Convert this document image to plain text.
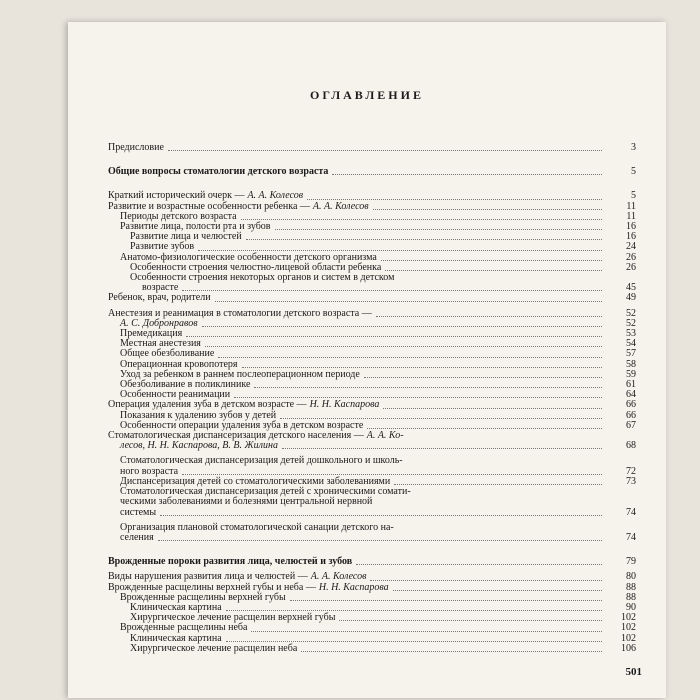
ОГЛАВЛЕНИЕ
Предисловие	3
Общие вопросы стоматологии детского возраста	5
Краткий исторический очерк — А. А. Колесов	5
Развитие и возрастные особенности ребенка — А. А. Колесов	11
Периоды детского возраста	11
Развитие лица, полости рта и зубов	16
Развитие лица и челюстей	16
Развитие зубов	24
Анатомо-физиологические особенности детского организма	26
Особенности строения челюстно-лицевой области ребенка	26
Особенности строения некоторых органов и систем в детском
возрасте	45
Ребенок, врач, родители	49
Анестезия и реанимация в стоматологии детского возраста —	52
А. С. Добронравов	52
Премедикация	53
Местная анестезия	54
Общее обезболивание	57
Операционная кровопотеря	58
Уход за ребенком в раннем послеоперационном периоде	59
Обезболивание в поликлинике	61
Особенности реанимации	64
Операция удаления зуба в детском возрасте — Н. Н. Каспарова	66
Показания к удалению зубов у детей	66
Особенности операции удаления зуба в детском возрасте	67
Стоматологическая диспансеризация детского населения — А. А. Ко-
лесов, Н. Н. Каспарова, В. В. Жилина	68
Стоматологическая диспансеризация детей дошкольного и школь-
ного возраста	72
Диспансеризация детей со стоматологическими заболеваниями	73
Стоматологическая диспансеризация детей с хроническими сомати-
ческими заболеваниями и болезнями центральной нервной
системы	74
Организация плановой стоматологической санации детского на-
селения	74
Врожденные пороки развития лица, челюстей и зубов	79
Виды нарушения развития лица и челюстей — А. А. Колесов	80
Врожденные расщелины верхней губы и неба — Н. Н. Каспарова	88
Врожденные расщелины верхней губы	88
Клиническая картина	90
Хирургическое лечение расщелин верхней губы	102
Врожденные расщелины неба	102
Клиническая картина	102
Хирургическое лечение расщелин неба	106
501
